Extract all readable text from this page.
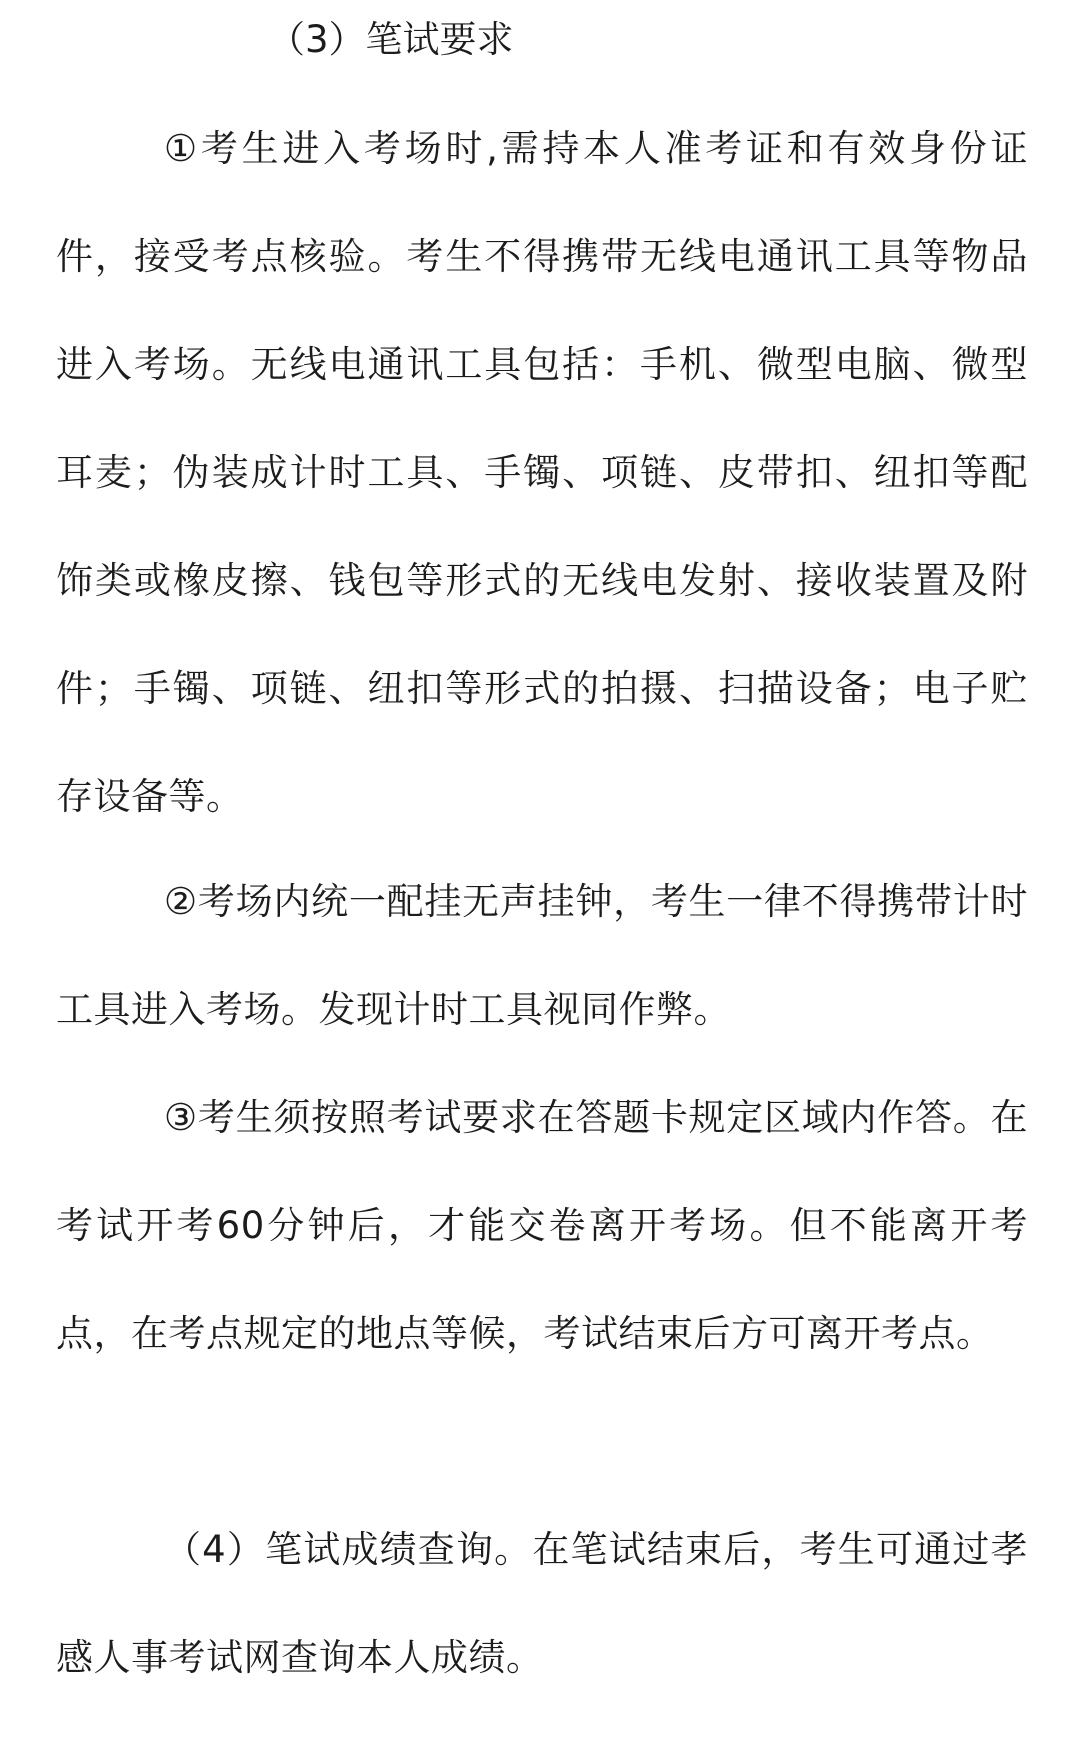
（3）笔试要求

①考生进入考场时,需持本人准考证和有效身份证件，接受考点核验。考生不得携带无线电通讯工具等物品进入考场。无线电通讯工具包括：手机、微型电脑、微型耳麦；伪装成计时工具、手镯、项链、皮带扣、纽扣等配饰类或橡皮擦、钱包等形式的无线电发射、接收装置及附件；手镯、项链、纽扣等形式的拍摄、扫描设备；电子贮存设备等。

②考场内统一配挂无声挂钟，考生一律不得携带计时工具进入考场。发现计时工具视同作弊。

③考生须按照考试要求在答题卡规定区域内作答。在考试开考60分钟后，才能交卷离开考场。但不能离开考点，在考点规定的地点等候，考试结束后方可离开考点。

（4）笔试成绩查询。在笔试结束后，考生可通过孝感人事考试网查询本人成绩。
